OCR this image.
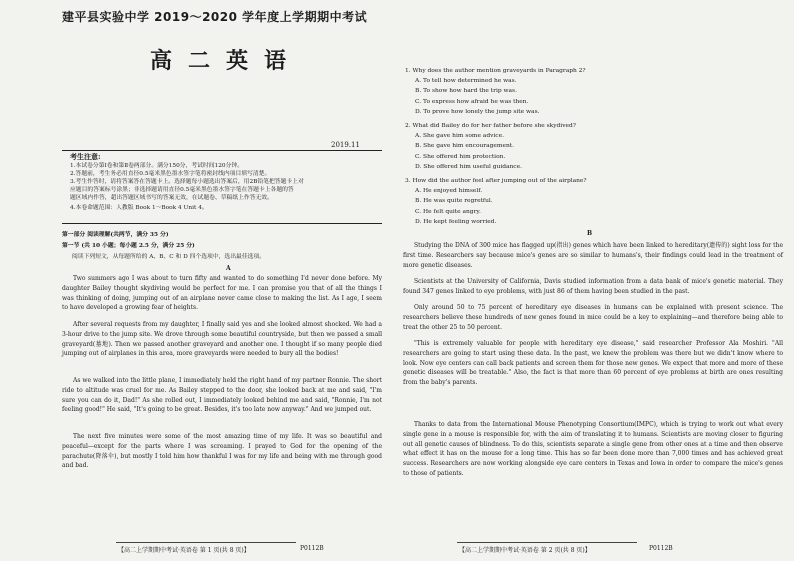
建平县实验中学 2019～2020 学年度上学期期中考试
高二英语
2019.11
考生注意:
1.本试卷分第Ⅰ卷和第Ⅱ卷两部分。满分150分，考试时间120分钟。
2.答题前，考生务必用直径0.5毫米黑色墨水签字笔将密封线内项目填写清楚。
3.考生作答时，请将答案答在答题卡上。选择题每小题选出答案后，用2B铅笔把答题卡上对
应题目的答案标号涂黑；非选择题请用直径0.5毫米黑色墨水签字笔在答题卡上各题的答
题区域内作答，超出答题区域书写的答案无效，在试题卷、草稿纸上作答无效。
4.本卷命题范围：人教版 Book 1～Book 4 Unit 4。
第一部分 阅读理解(共两节，满分 35 分)
第一节 (共 10 小题；每小题 2.5 分，满分 25 分)
阅读下列短文，从每题所给的 A、B、C 和 D 四个选项中，选出最佳选项。
A

Two summers ago I was about to turn fifty and wanted to do something I'd never done before. My daughter Bailey thought skydiving would be perfect for me. I can promise you that of all the things I was thinking of doing, jumping out of an airplane never came close to making the list. As I age, I seem to have developed a growing fear of heights.

After several requests from my daughter, I finally said yes and she looked almost shocked. We had a 3-hour drive to the jump site. We drove through some beautiful countryside, but then we passed a small graveyard(墓地). Then we passed another graveyard and another one. I thought if so many people died jumping out of airplanes in this area, more graveyards were needed to bury all the bodies!

As we walked into the little plane, I immediately held the right hand of my partner Ronnie. The short ride to altitude was cruel for me. As Bailey stepped to the door, she looked back at me and said, "I'm sure you can do it, Dad!" As she rolled out, I immediately looked behind me and said, "Ronnie, I'm not feeling good!" He said, "It's going to be great. Besides, it's too late now anyway." And we jumped out.

The next five minutes were some of the most amazing time of my life. It was so beautiful and peaceful—except for the parts where I was screaming. I prayed to God for the opening of the parachute(降落伞), but mostly I told him how thankful I was for my life and being with me through good and bad.

【高二上学期期中考试·英语卷 第 1 页(共 8 页)】	P0112B
1. Why does the author mention graveyards in Paragraph 2?
A. To tell how determined he was.
B. To show how hard the trip was.
C. To express how afraid he was then.
D. To prove how lonely the jump site was.
2. What did Bailey do for her father before she skydived?
A. She gave him some advice.
B. She gave him encouragement.
C. She offered him protection.
D. She offered him useful guidance.
3. How did the author feel after jumping out of the airplane?
A. He enjoyed himself.
B. He was quite regretful.
C. He felt quite angry.
D. He kept feeling worried.
B

Studying the DNA of 300 mice has flagged up(指出) genes which have been linked to hereditary(遗传的) sight loss for the first time. Researchers say because mice's genes are so similar to humans's, their findings could lead in the treatment of more genetic diseases.

Scientists at the University of California, Davis studied information from a data bank of mice's genetic material. They found 347 genes linked to eye problems, with just 86 of them having been studied in the past.

Only around 50 to 75 percent of hereditary eye diseases in humans can be explained with present science. The researchers believe these hundreds of new genes found in mice could be a key to explaining—and therefore being able to treat the other 25 to 50 percent.

"This is extremely valuable for people with hereditary eye disease," said researcher Professor Ala Moshiri. "All researchers are going to start using these data. In the past, we knew the problem was there but we didn't know where to look. Now eye centers can call back patients and screen them for those new genes. We expect that more and more of these genetic diseases will be treatable." Also, the fact is that more than 60 percent of eye problems at birth are ones resulting from the baby's parents.

Thanks to data from the International Mouse Phenotyping Consortium(IMPC), which is trying to work out what every single gene in a mouse is responsible for, with the aim of translating it to humans. Scientists are moving closer to figuring out all genetic causes of blindness. To do this, scientists separate a single gene from other ones at a time and then observe what effect it has on the mouse for a long time. This has so far been done more than 7,000 times and has achieved great success. Researchers are now working alongside eye care centers in Texas and Iowa in order to compare the mice's genes to those of patients.

【高二上学期期中考试·英语卷 第 2 页(共 8 页)】	P0112B
